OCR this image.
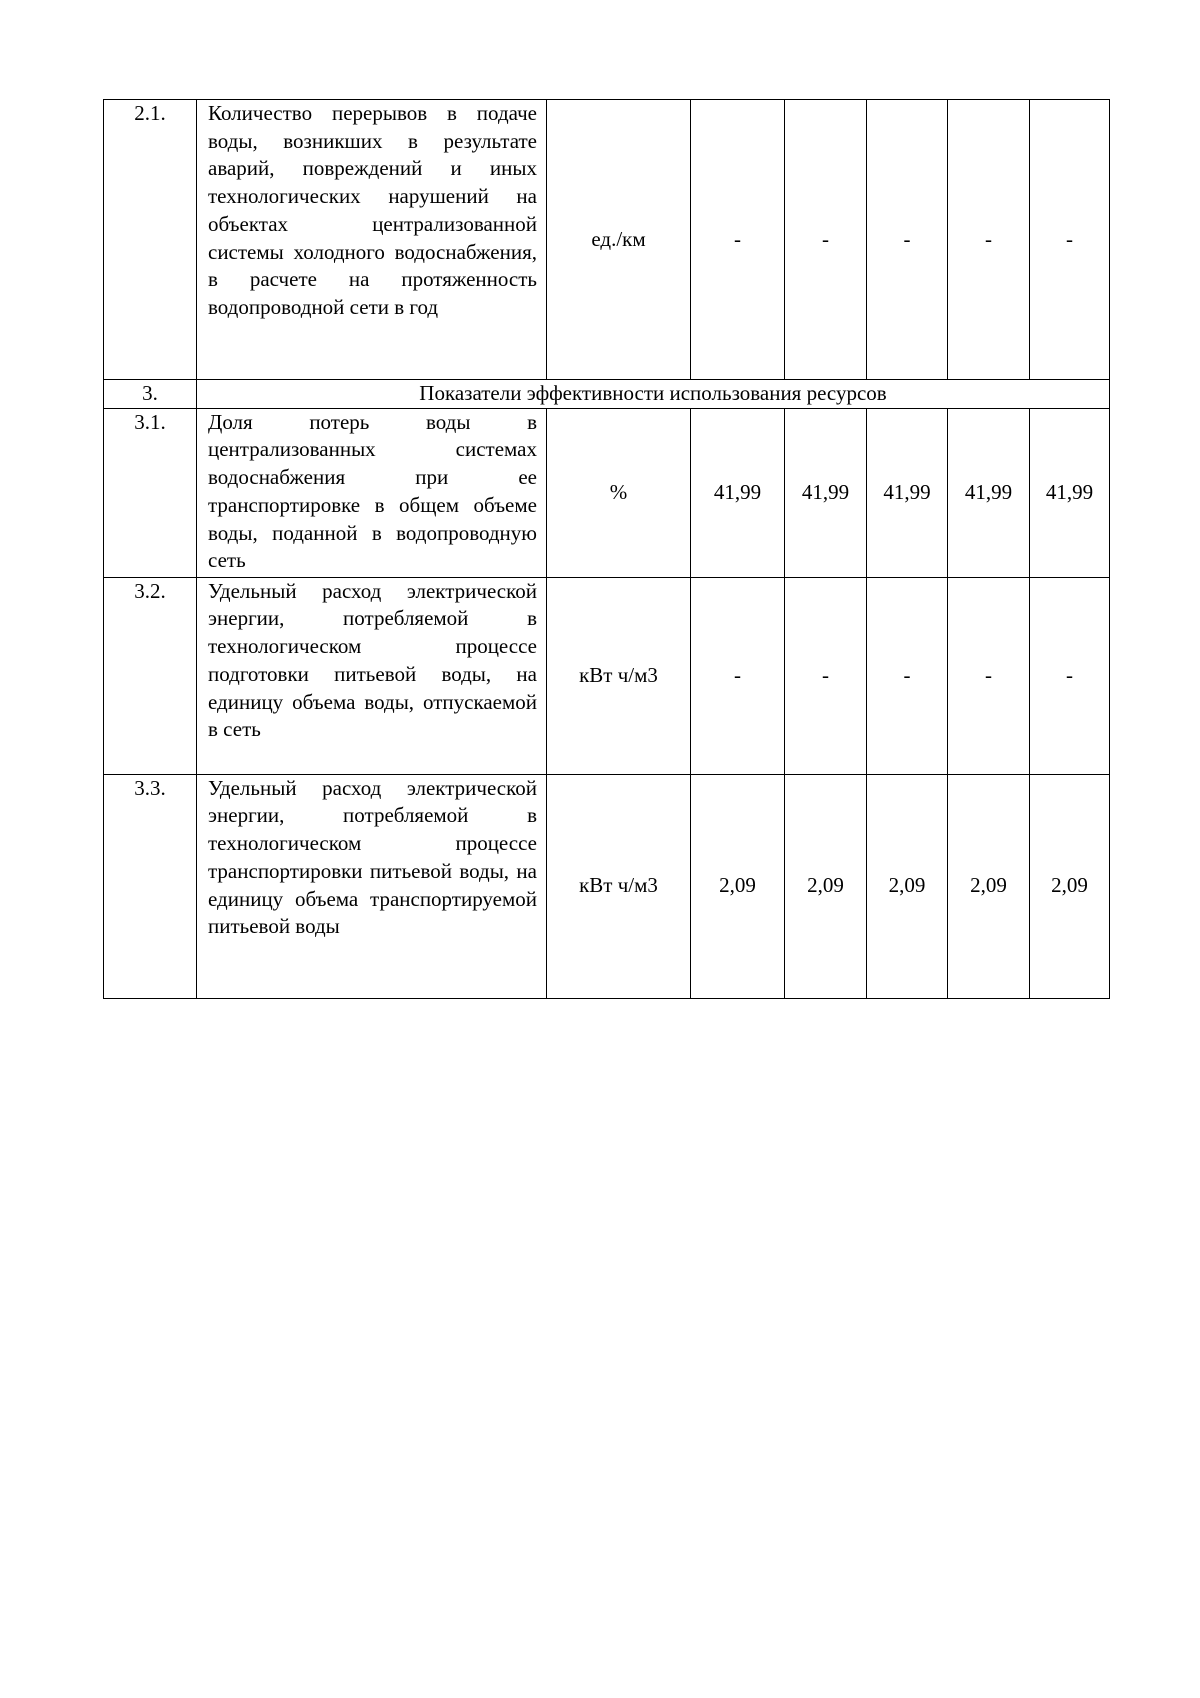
2.1.	Количество перерывов в подаче воды, возникших в результате аварий, повреждений и иных технологических нарушений на объектах централизованной системы холодного водоснабжения, в расчете на протяженность водопроводной сети в год	ед./км	-	-	-	-	-
3.	Показатели эффективности использования ресурсов						
3.1.	Доля потерь воды в централизованных системах водоснабжения при ее транспортировке в общем объеме воды, поданной в водопроводную сеть	%	41,99	41,99	41,99	41,99	41,99
3.2.	Удельный расход электрической энергии, потребляемой в технологическом процессе подготовки питьевой воды, на единицу объема воды, отпускаемой в сеть	кВт ч/м3	-	-	-	-	-
3.3.	Удельный расход электрической энергии, потребляемой в технологическом процессе транспортировки питьевой воды, на единицу объема транспортируемой питьевой воды	кВт ч/м3	2,09	2,09	2,09	2,09	2,09
